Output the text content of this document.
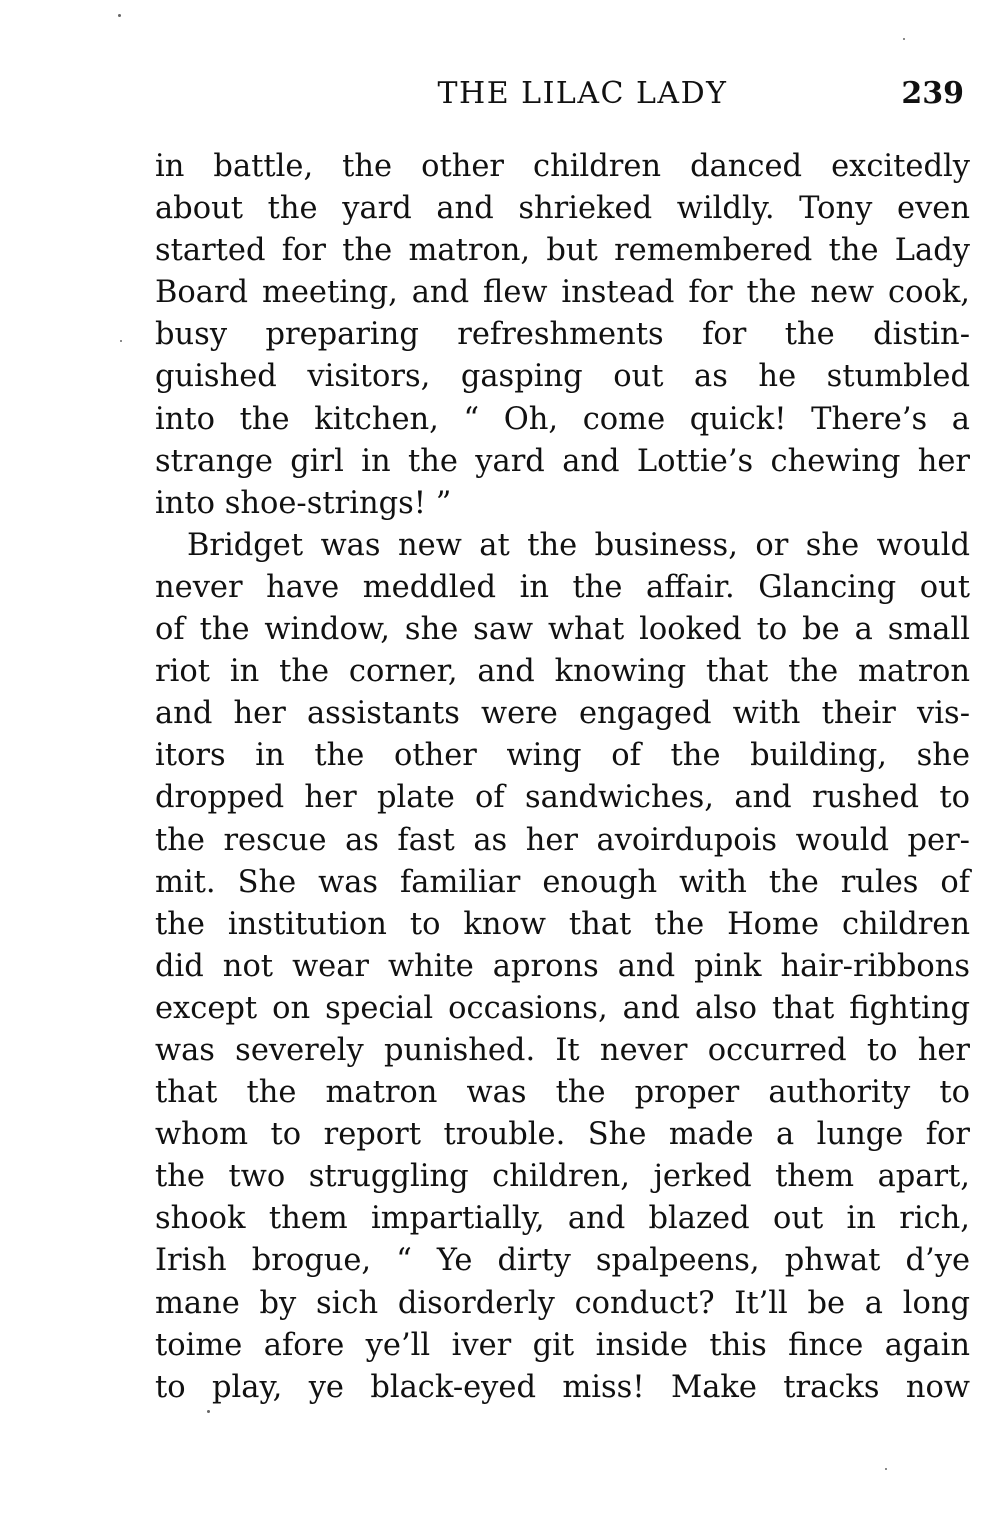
THE LILAC LADY	239
in battle, the other children danced excitedly
about the yard and shrieked wildly. Tony even
started for the matron, but remembered the Lady
Board meeting, and flew instead for the new cook,
busy preparing refreshments for the distin-
guished visitors, gasping out as he stumbled
into the kitchen, “ Oh, come quick! There’s a
strange girl in the yard and Lottie’s chewing her
into shoe-strings! ”
Bridget was new at the business, or she would
never have meddled in the affair. Glancing out
of the window, she saw what looked to be a small
riot in the corner, and knowing that the matron
and her assistants were engaged with their vis-
itors in the other wing of the building, she
dropped her plate of sandwiches, and rushed to
the rescue as fast as her avoirdupois would per-
mit. She was familiar enough with the rules of
the institution to know that the Home children
did not wear white aprons and pink hair-ribbons
except on special occasions, and also that fighting
was severely punished. It never occurred to her
that the matron was the proper authority to
whom to report trouble. She made a lunge for
the two struggling children, jerked them apart,
shook them impartially, and blazed out in rich,
Irish brogue, “ Ye dirty spalpeens, phwat d’ye
mane by sich disorderly conduct? It’ll be a long
toime afore ye’ll iver git inside this fince again
to play, ye black-eyed miss! Make tracks now
